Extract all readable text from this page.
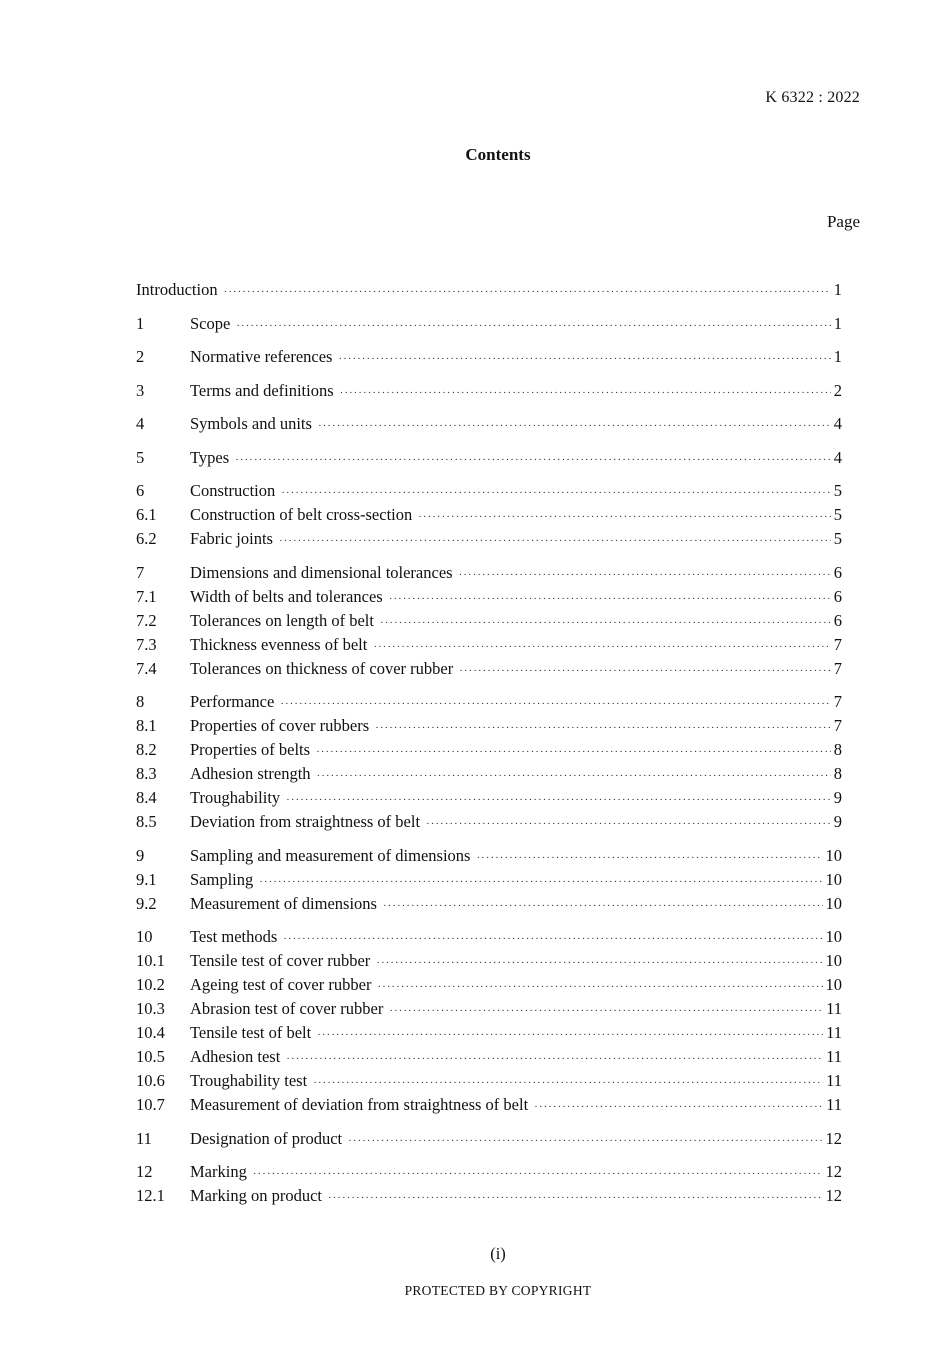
K 6322 : 2022
Contents
Page
Introduction ·····	1
1	Scope ·····	1
2	Normative references ·····	1
3	Terms and definitions ·····	2
4	Symbols and units ·····	4
5	Types ·····	4
6	Construction ·····	5
6.1	Construction of belt cross-section ·····	5
6.2	Fabric joints ·····	5
7	Dimensions and dimensional tolerances ·····	6
7.1	Width of belts and tolerances ·····	6
7.2	Tolerances on length of belt ·····	6
7.3	Thickness evenness of belt ·····	7
7.4	Tolerances on thickness of cover rubber ·····	7
8	Performance ·····	7
8.1	Properties of cover rubbers ·····	7
8.2	Properties of belts ·····	8
8.3	Adhesion strength ·····	8
8.4	Troughability ·····	9
8.5	Deviation from straightness of belt ·····	9
9	Sampling and measurement of dimensions ·····	10
9.1	Sampling ·····	10
9.2	Measurement of dimensions ·····	10
10	Test methods ·····	10
10.1	Tensile test of cover rubber ·····	10
10.2	Ageing test of cover rubber ·····	10
10.3	Abrasion test of cover rubber ·····	11
10.4	Tensile test of belt ·····	11
10.5	Adhesion test ·····	11
10.6	Troughability test ·····	11
10.7	Measurement of deviation from straightness of belt ·····	11
11	Designation of product ·····	12
12	Marking ·····	12
12.1	Marking on product ·····	12
(i)
PROTECTED BY COPYRIGHT
